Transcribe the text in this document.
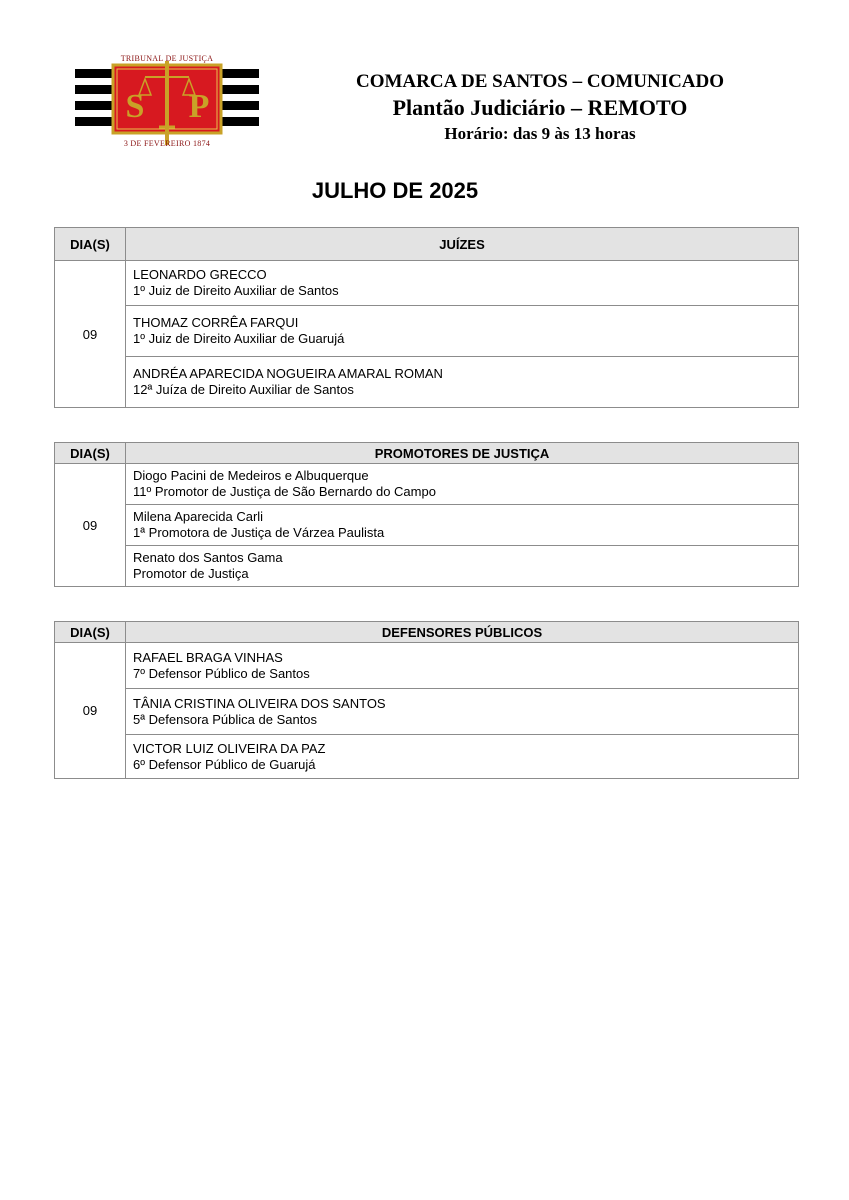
S P
TRIBUNAL DE JUSTIÇA
3 DE FEVEREIRO 1874
COMARCA DE SANTOS – COMUNICADO
Plantão Judiciário – REMOTO
Horário: das 9 às 13 horas
JULHO DE 2025
DIA(S)	JUÍZES
09	LEONARDO GRECCO
1º Juiz de Direito Auxiliar de Santos

	THOMAZ CORRÊA FARQUI
1º Juiz de Direito Auxiliar de Guarujá

	ANDRÉA APARECIDA NOGUEIRA AMARAL ROMAN
12ª Juíza de Direito Auxiliar de Santos
DIA(S)	PROMOTORES DE JUSTIÇA
09	Diogo Pacini de Medeiros e Albuquerque
11º Promotor de Justiça de São Bernardo do Campo

	Milena Aparecida Carli
1ª Promotora de Justiça de Várzea Paulista

	Renato dos Santos Gama
Promotor de Justiça
DIA(S)	DEFENSORES PÚBLICOS
09	RAFAEL BRAGA VINHAS
7º Defensor Público de Santos

	TÂNIA CRISTINA OLIVEIRA DOS SANTOS
5ª Defensora Pública de Santos

	VICTOR LUIZ OLIVEIRA DA PAZ
6º Defensor Público de Guarujá
